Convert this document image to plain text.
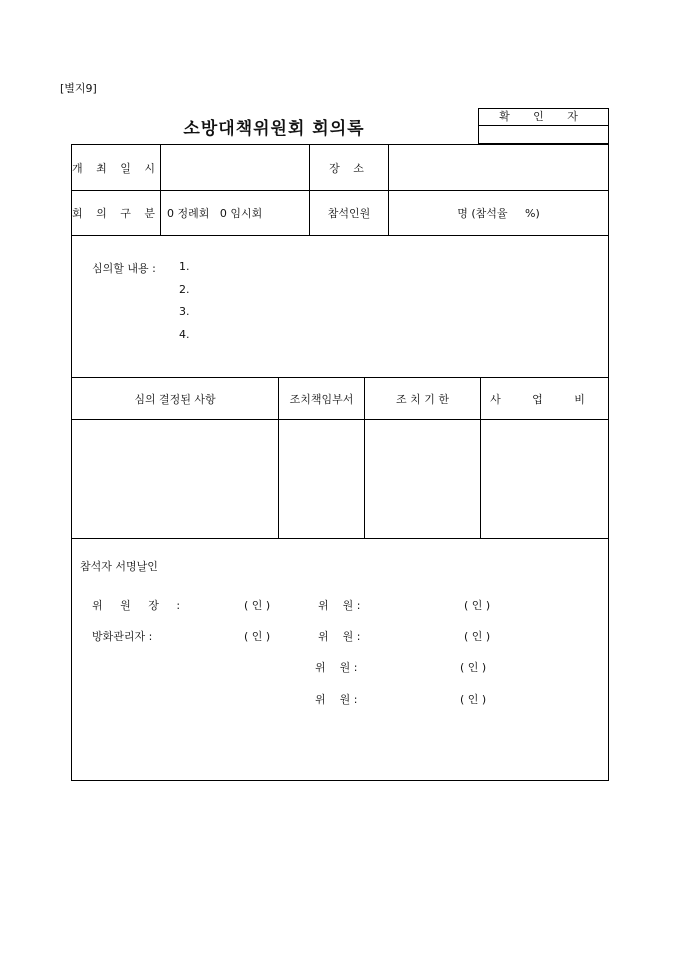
[별지9]
소방대책위원회 회의록
확 인 자
개 최 일 시	장 소
회 의 구 분 0 정례회   0 임시회	참석인원	명 (참석율     %)
심의할 내용 : 1.
2.
3.
4.
심의 결정된 사항	조치책임부서	조 치 기 한	사 업 비
참석자 서명날인
위 원 장 :	( 인 )	위    원 :	( 인 )
방화관리자 :	( 인 )	위    원 :	( 인 )
위    원 :	( 인 )
위    원 :	( 인 )
